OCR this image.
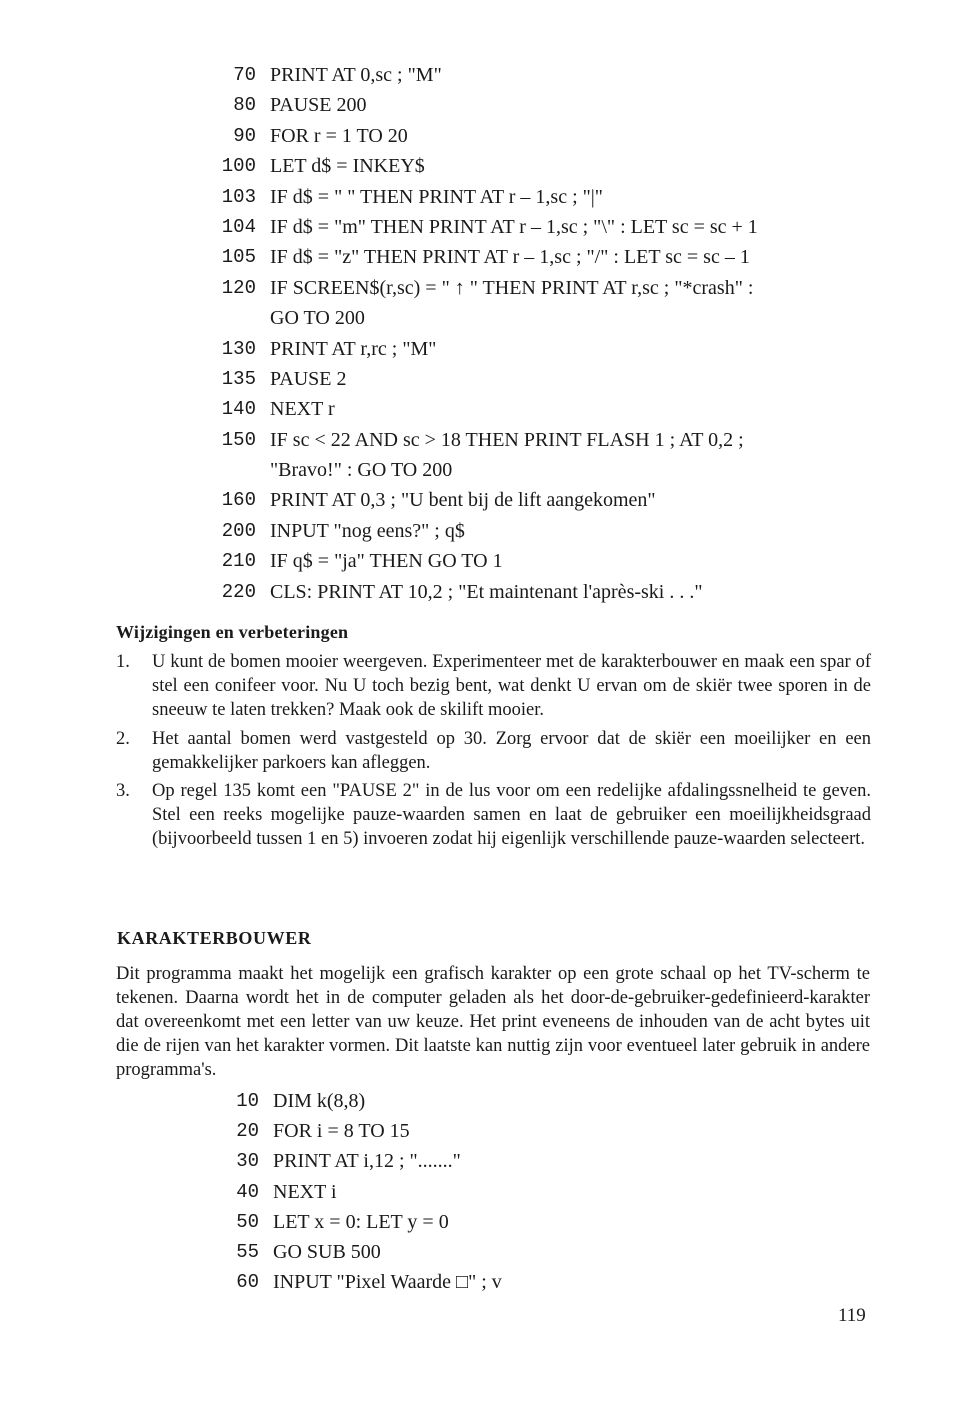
70 PRINT AT 0,sc ; "M"
80 PAUSE 200
90 FOR r = 1 TO 20
100 LET d$ = INKEY$
103 IF d$ = " " THEN PRINT AT r – 1,sc ; "|"
104 IF d$ = "m" THEN PRINT AT r – 1,sc ; "\" : LET sc = sc + 1
105 IF d$ = "z" THEN PRINT AT r – 1,sc ; "/" : LET sc = sc – 1
120 IF SCREEN$(r,sc) = " ↑ " THEN PRINT AT r,sc ; "*crash" :
GO TO 200
130 PRINT AT r,rc ; "M"
135 PAUSE 2
140 NEXT r
150 IF sc < 22 AND sc > 18 THEN PRINT FLASH 1 ; AT 0,2 ;
"Bravo!" : GO TO 200
160 PRINT AT 0,3 ; "U bent bij de lift aangekomen"
200 INPUT "nog eens?" ; q$
210 IF q$ = "ja" THEN GO TO 1
220 CLS: PRINT AT 10,2 ; "Et maintenant l'après-ski . . ."
Wijzigingen en verbeteringen
1. U kunt de bomen mooier weergeven. Experimenteer met de karakterbouwer en maak een spar of stel een conifeer voor. Nu U toch bezig bent, wat denkt U ervan om de skiër twee sporen in de sneeuw te laten trekken? Maak ook de skilift mooier.
2. Het aantal bomen werd vastgesteld op 30. Zorg ervoor dat de skiër een moeilijker en een gemakkelijker parkoers kan afleggen.
3. Op regel 135 komt een "PAUSE 2" in de lus voor om een redelijke afdalingssnelheid te geven. Stel een reeks mogelijke pauze-waarden samen en laat de gebruiker een moeilijkheidsgraad (bijvoorbeeld tussen 1 en 5) invoeren zodat hij eigenlijk verschillende pauze-waarden selecteert.
KARAKTERBOUWER
Dit programma maakt het mogelijk een grafisch karakter op een grote schaal op het TV-scherm te tekenen. Daarna wordt het in de computer geladen als het door-de-gebruiker-gedefinieerd-karakter dat overeenkomt met een letter van uw keuze. Het print eveneens de inhouden van de acht bytes uit die de rijen van het karakter vormen. Dit laatste kan nuttig zijn voor eventueel later gebruik in andere programma's.
10 DIM k(8,8)
20 FOR i = 8 TO 15
30 PRINT AT i,12 ; "......."
40 NEXT i
50 LET x = 0: LET y = 0
55 GO SUB 500
60 INPUT "Pixel Waarde □" ; v
119
